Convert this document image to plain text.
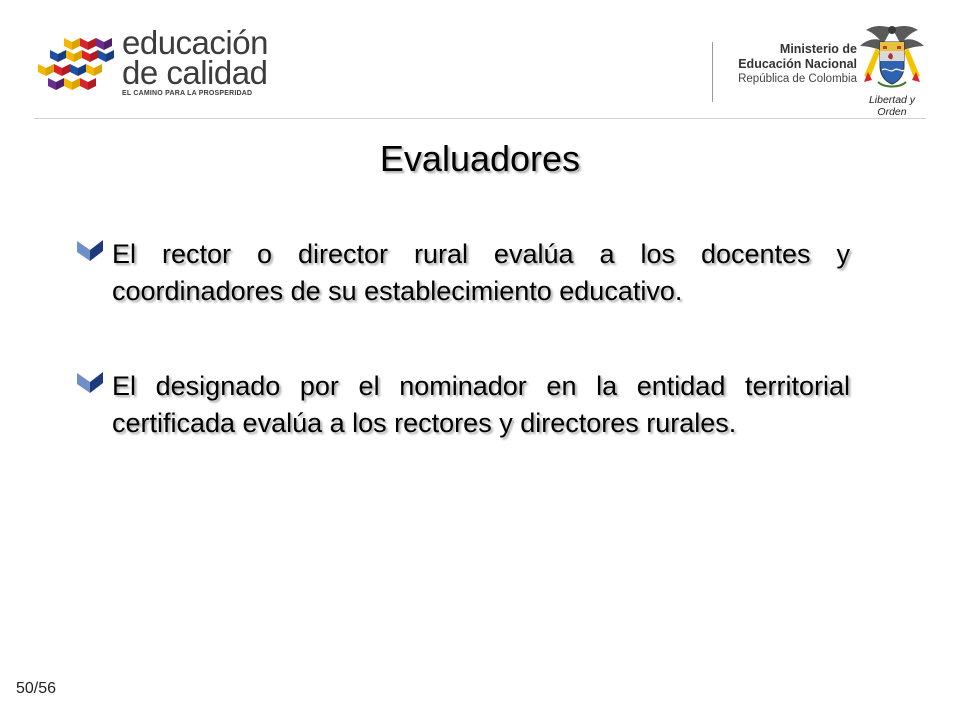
educación
de calidad
EL CAMINO PARA LA PROSPERIDAD
Ministerio de
Educación Nacional
República de Colombia
Libertad y Orden
Evaluadores
El rector o director rural evalúa a los docentes y coordinadores de su establecimiento educativo.
El designado por el nominador en la entidad territorial certificada evalúa a los rectores y directores rurales.
50/56
